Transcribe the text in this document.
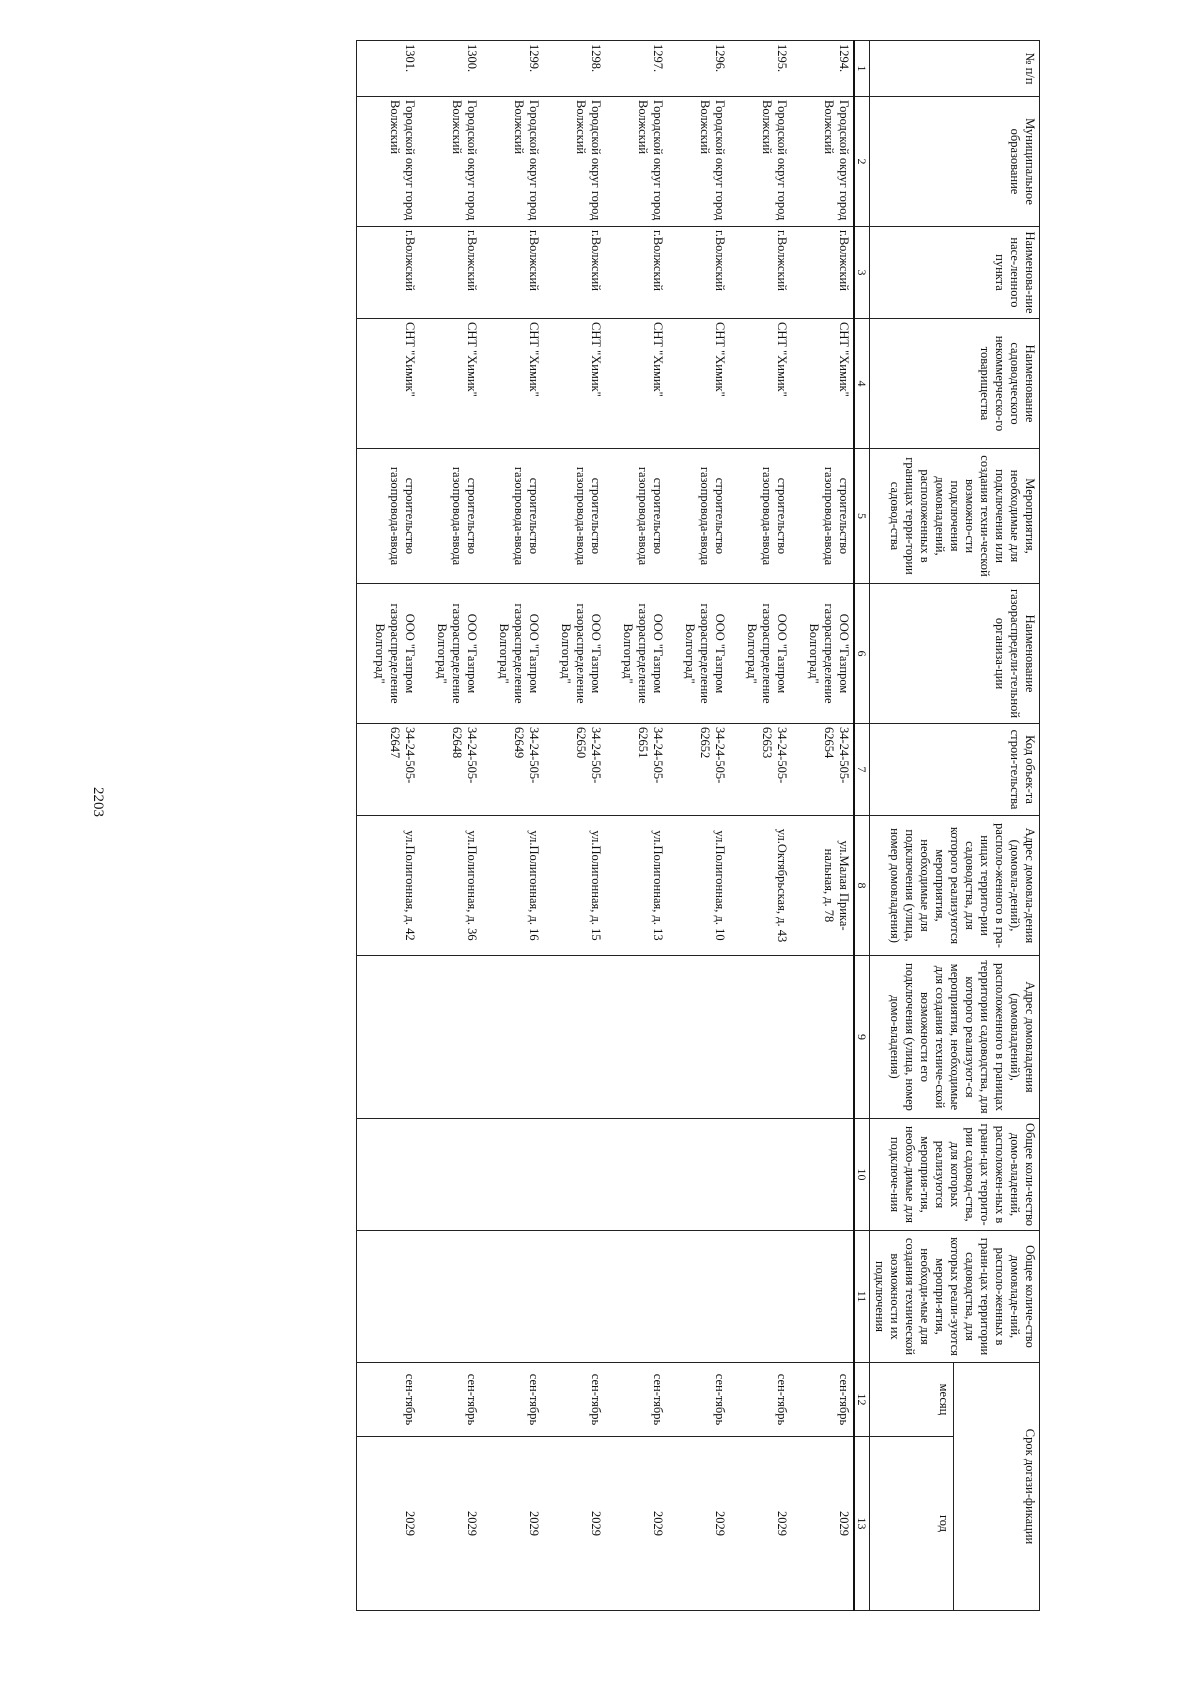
2203
№ п/п	Муниципальное образование	Наименова-ние насе-ленного пункта	Наименование садоводческого некоммерческо-го товарищества	Мероприятия, необходимые для подключения или создания техни-ческой возможно-сти подключения домовладений, расположенных в границах терри-тории садовод-ства	Наименование газораспредели-тельной организа-ции	Код объек-та строи-тельства	Адрес домовла-дения (домовла-дений), располо-женного в гра-ницах террито-рии садоводства, для которого реализуются мероприятия, необходимые для подключения (улица, номер домовладения)	Адрес домовладения (домовладений), расположенного в границах территории садоводства, для которого реализуют-ся мероприятия, необходимые для создания техниче-ской возможности его подключения (улица, номер домо-владения)	Общее коли-чество домо-владений, расположен-ных в грани-цах террито-рии садовод-ства, для которых реализуются мероприя-тия, необхо-димые для подключе-ния	Общее количе-ство домовладе-ний, располо-женных в грани-цах территории садоводства, для которых реали-зуются меропри-ятия, необходи-мые для создания технической возможности их подключения	Срок догази-фикации	
											месяц	год
1	2	3	4	5	6	7	8	9	10	11	12	13
1294.	Городской округ город Волжский	г.Волжский	СНТ "Химик"	строительство газопровода-ввода	ООО "Газпром газораспределение Волгоград"	34-24-505-62654	ул.Малая Прика-нальная, д. 78				сен-тябрь	2029
1295.	Городской округ город Волжский	г.Волжский	СНТ "Химик"	строительство газопровода-ввода	ООО "Газпром газораспределение Волгоград"	34-24-505-62653	ул.Октябрьская, д. 43				сен-тябрь	2029
1296.	Городской округ город Волжский	г.Волжский	СНТ "Химик"	строительство газопровода-ввода	ООО "Газпром газораспределение Волгоград"	34-24-505-62652	ул.Полигонная, д. 10				сен-тябрь	2029
1297.	Городской округ город Волжский	г.Волжский	СНТ "Химик"	строительство газопровода-ввода	ООО "Газпром газораспределение Волгоград"	34-24-505-62651	ул.Полигонная, д. 13				сен-тябрь	2029
1298.	Городской округ город Волжский	г.Волжский	СНТ "Химик"	строительство газопровода-ввода	ООО "Газпром газораспределение Волгоград"	34-24-505-62650	ул.Полигонная, д. 15				сен-тябрь	2029
1299.	Городской округ город Волжский	г.Волжский	СНТ "Химик"	строительство газопровода-ввода	ООО "Газпром газораспределение Волгоград"	34-24-505-62649	ул.Полигонная, д. 16				сен-тябрь	2029
1300.	Городской округ город Волжский	г.Волжский	СНТ "Химик"	строительство газопровода-ввода	ООО "Газпром газораспределение Волгоград"	34-24-505-62648	ул.Полигонная, д. 36				сен-тябрь	2029
1301.	Городской округ город Волжский	г.Волжский	СНТ "Химик"	строительство газопровода-ввода	ООО "Газпром газораспределение Волгоград"	34-24-505-62647	ул.Полигонная, д. 42				сен-тябрь	2029
